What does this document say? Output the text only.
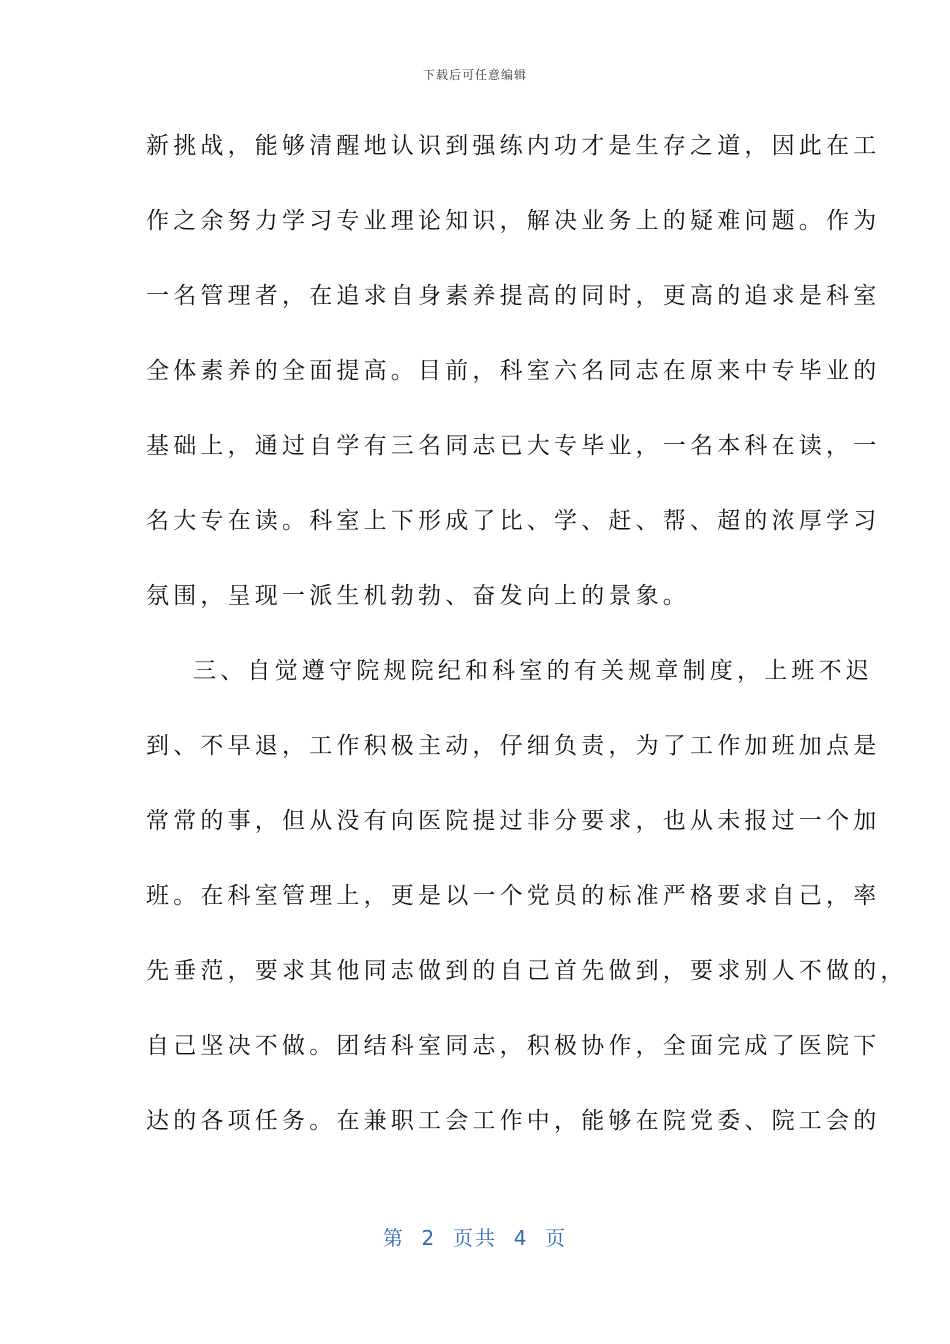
下载后可任意编辑
新挑战，能够清醒地认识到强练内功才是生存之道，因此在工
作之余努力学习专业理论知识，解决业务上的疑难问题。作为
一名管理者，在追求自身素养提高的同时，更高的追求是科室
全体素养的全面提高。目前，科室六名同志在原来中专毕业的
基础上，通过自学有三名同志已大专毕业，一名本科在读，一
名大专在读。科室上下形成了比、学、赶、帮、超的浓厚学习
氛围，呈现一派生机勃勃、奋发向上的景象。
三、自觉遵守院规院纪和科室的有关规章制度，上班不迟
到、不早退，工作积极主动，仔细负责，为了工作加班加点是
常常的事，但从没有向医院提过非分要求，也从未报过一个加
班。在科室管理上，更是以一个党员的标准严格要求自己，率
先垂范，要求其他同志做到的自己首先做到，要求别人不做的，
自己坚决不做。团结科室同志，积极协作，全面完成了医院下
达的各项任务。在兼职工会工作中，能够在院党委、院工会的
第  2  页共  4  页
